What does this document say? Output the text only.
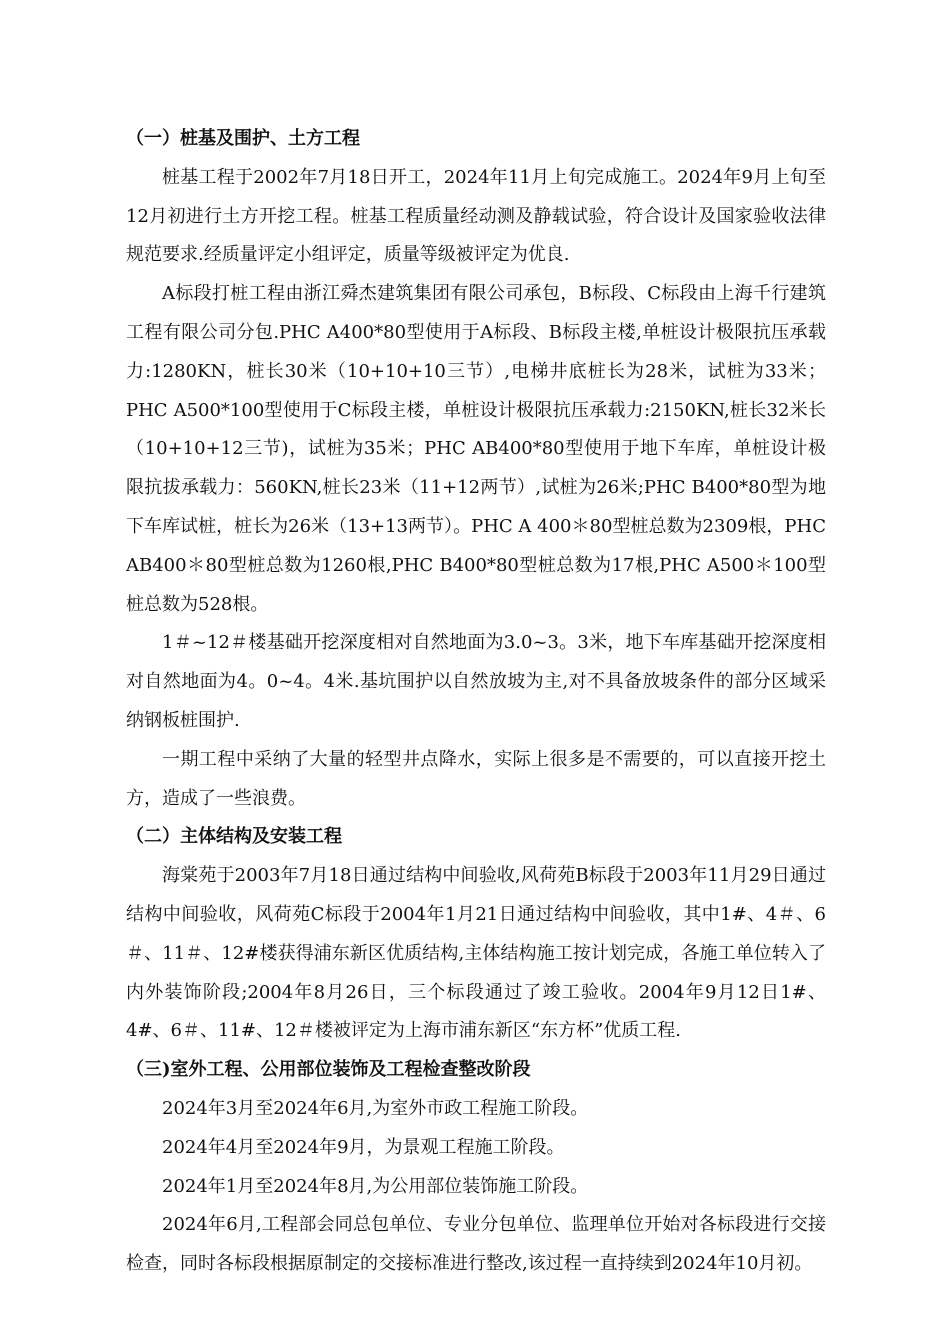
（一）桩基及围护、土方工程

桩基工程于2002年7月18日开工，2024年11月上旬完成施工。2024年9月上旬至12月初进行土方开挖工程。桩基工程质量经动测及静载试验，符合设计及国家验收法律规范要求.经质量评定小组评定，质量等级被评定为优良.

A标段打桩工程由浙江舜杰建筑集团有限公司承包，B标段、C标段由上海千行建筑工程有限公司分包.PHC A400*80型使用于A标段、B标段主楼,单桩设计极限抗压承载力:1280KN，桩长30米（10+10+10三节）,电梯井底桩长为28米，试桩为33米； PHC A500*100型使用于C标段主楼，单桩设计极限抗压承载力:2150KN,桩长32米长（10+10+12三节)，试桩为35米；PHC AB400*80型使用于地下车库，单桩设计极限抗拔承载力：560KN,桩长23米（11+12两节）,试桩为26米;PHC B400*80型为地下车库试桩，桩长为26米（13+13两节）。PHC A 400＊80型桩总数为2309根，PHC AB400＊80型桩总数为1260根,PHC B400*80型桩总数为17根,PHC A500＊100型桩总数为528根。

1＃~12＃楼基础开挖深度相对自然地面为3.0~3。3米，地下车库基础开挖深度相对自然地面为4。0~4。4米.基坑围护以自然放坡为主,对不具备放坡条件的部分区域采纳钢板桩围护.

一期工程中采纳了大量的轻型井点降水，实际上很多是不需要的，可以直接开挖土方，造成了一些浪费。

（二）主体结构及安装工程

海棠苑于2003年7月18日通过结构中间验收,风荷苑B标段于2003年11月29日通过结构中间验收，风荷苑C标段于2004年1月21日通过结构中间验收，其中1#、4＃、6＃、11＃、12#楼获得浦东新区优质结构,主体结构施工按计划完成，各施工单位转入了内外装饰阶段;2004年8月26日，三个标段通过了竣工验收。2004年9月12日1#、4#、6＃、11#、12＃楼被评定为上海市浦东新区“东方杯”优质工程.

（三)室外工程、公用部位装饰及工程检查整改阶段

2024年3月至2024年6月,为室外市政工程施工阶段。

2024年4月至2024年9月，为景观工程施工阶段。

2024年1月至2024年8月,为公用部位装饰施工阶段。

2024年6月,工程部会同总包单位、专业分包单位、监理单位开始对各标段进行交接检查，同时各标段根据原制定的交接标准进行整改,该过程一直持续到2024年10月初。
